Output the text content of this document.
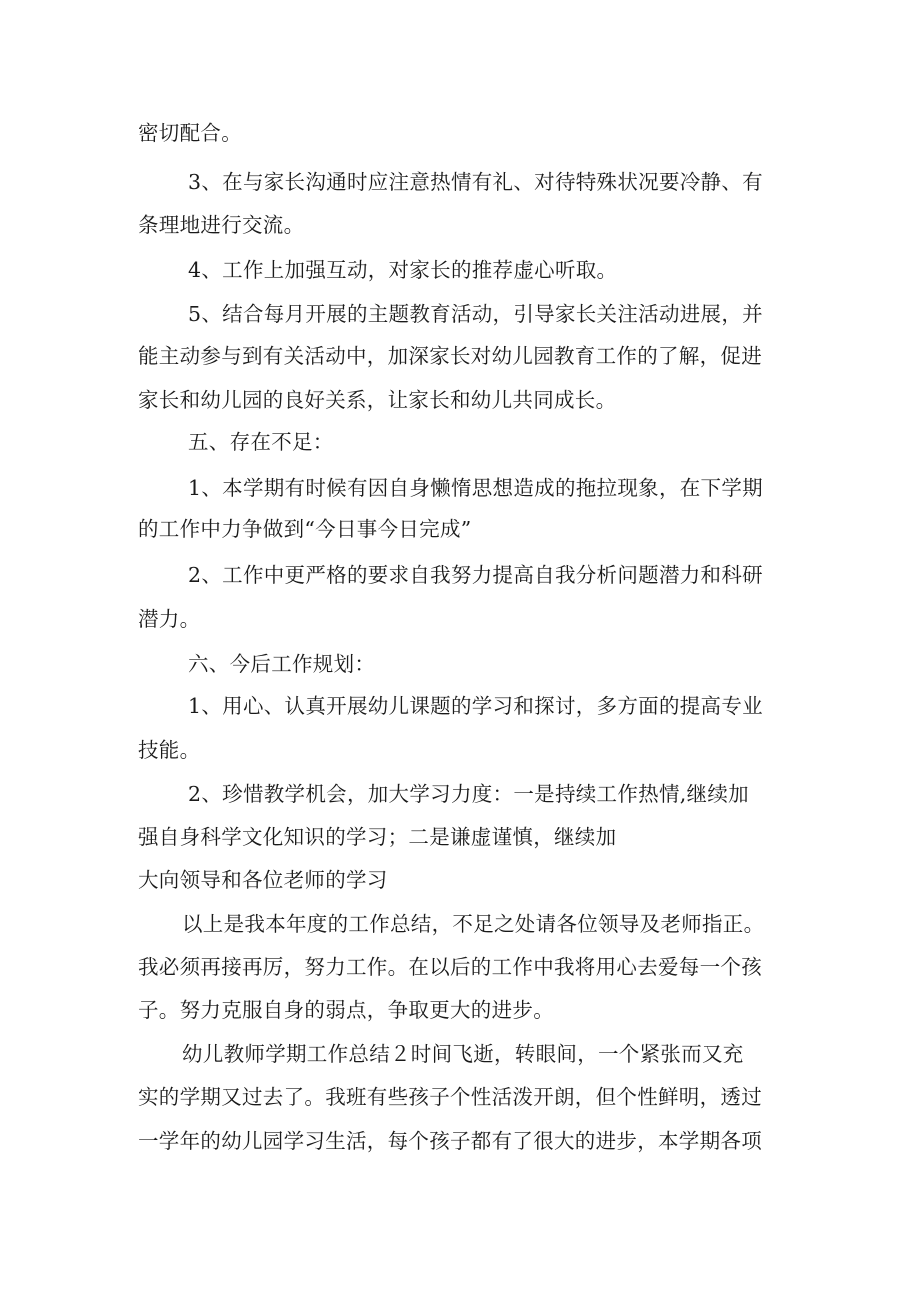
密切配合。

3、在与家长沟通时应注意热情有礼、对待特殊状况要冷静、有

条理地进行交流。

4、工作上加强互动，对家长的推荐虚心听取。

5、结合每月开展的主题教育活动，引导家长关注活动进展，并

能主动参与到有关活动中，加深家长对幼儿园教育工作的了解，促进

家长和幼儿园的良好关系，让家长和幼儿共同成长。

五、存在不足：

1、本学期有时候有因自身懒惰思想造成的拖拉现象，在下学期

的工作中力争做到“今日事今日完成”

2、工作中更严格的要求自我努力提高自我分析问题潜力和科研

潜力。

六、今后工作规划：

1、用心、认真开展幼儿课题的学习和探讨，多方面的提高专业

技能。

2、珍惜教学机会，加大学习力度：一是持续工作热情,继续加

强自身科学文化知识的学习；二是谦虚谨慎，继续加

大向领导和各位老师的学习

以上是我本年度的工作总结，不足之处请各位领导及老师指正。

我必须再接再厉，努力工作。在以后的工作中我将用心去爱每一个孩

子。努力克服自身的弱点，争取更大的进步。

幼儿教师学期工作总结２时间飞逝，转眼间，一个紧张而又充

实的学期又过去了。我班有些孩子个性活泼开朗，但个性鲜明，透过

一学年的幼儿园学习生活，每个孩子都有了很大的进步，本学期各项
